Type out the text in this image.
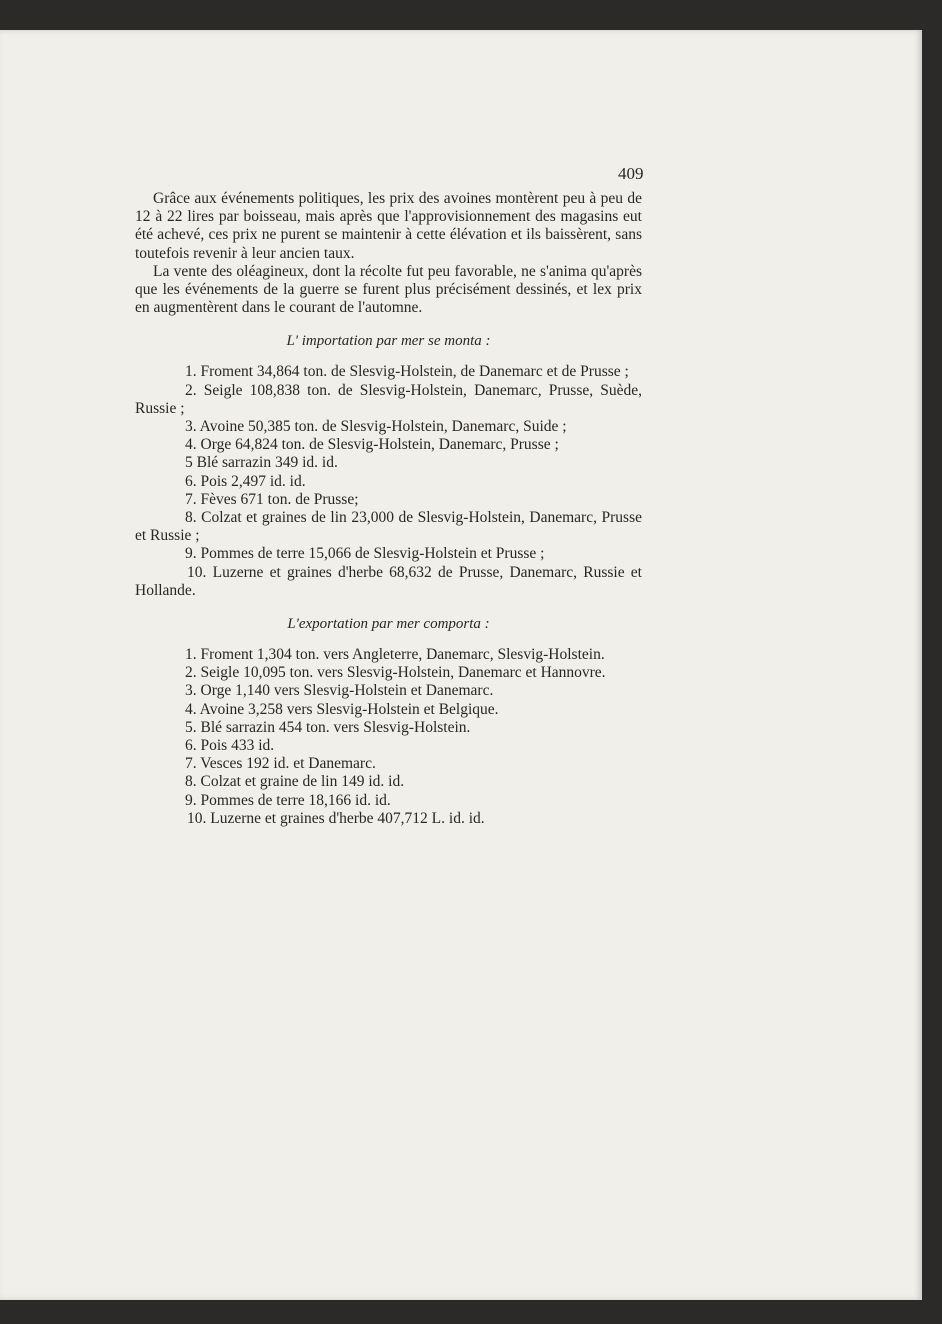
409

Grâce aux événements politiques, les prix des avoines montèrent peu à peu de 12 à 22 lires par boisseau, mais après que l'approvisionnement des magasins eut été achevé, ces prix ne purent se maintenir à cette élévation et ils baissèrent, sans toutefois revenir à leur ancien taux.

La vente des oléagineux, dont la récolte fut peu favorable, ne s'anima qu'après que les événements de la guerre se furent plus précisément dessinés, et lex prix en augmentèrent dans le courant de l'automne.

L' importation par mer se monta :

1. Froment 34,864 ton. de Slesvig-Holstein, de Danemarc et de Prusse ;

2. Seigle 108,838 ton. de Slesvig-Holstein, Danemarc, Prusse, Suède, Russie ;

3. Avoine 50,385 ton. de Slesvig-Holstein, Danemarc, Suide ;

4. Orge 64,824 ton. de Slesvig-Holstein, Danemarc, Prusse ;

5 Blé sarrazin 349 id. id.

6. Pois 2,497 id. id.

7. Fèves 671 ton. de Prusse;

8. Colzat et graines de lin 23,000 de Slesvig-Holstein, Danemarc, Prusse et Russie ;

9. Pommes de terre 15,066 de Slesvig-Holstein et Prusse ;

10. Luzerne et graines d'herbe 68,632 de Prusse, Danemarc, Russie et Hollande.

L'exportation par mer comporta :

1. Froment 1,304 ton. vers Angleterre, Danemarc, Slesvig-Holstein.

2. Seigle 10,095 ton. vers Slesvig-Holstein, Danemarc et Hannovre.

3. Orge 1,140 vers Slesvig-Holstein et Danemarc.

4. Avoine 3,258 vers Slesvig-Holstein et Belgique.

5. Blé sarrazin 454 ton. vers Slesvig-Holstein.

6. Pois 433 id.

7. Vesces 192 id. et Danemarc.

8. Colzat et graine de lin 149 id. id.

9. Pommes de terre 18,166 id. id.

10. Luzerne et graines d'herbe 407,712 L. id. id.
